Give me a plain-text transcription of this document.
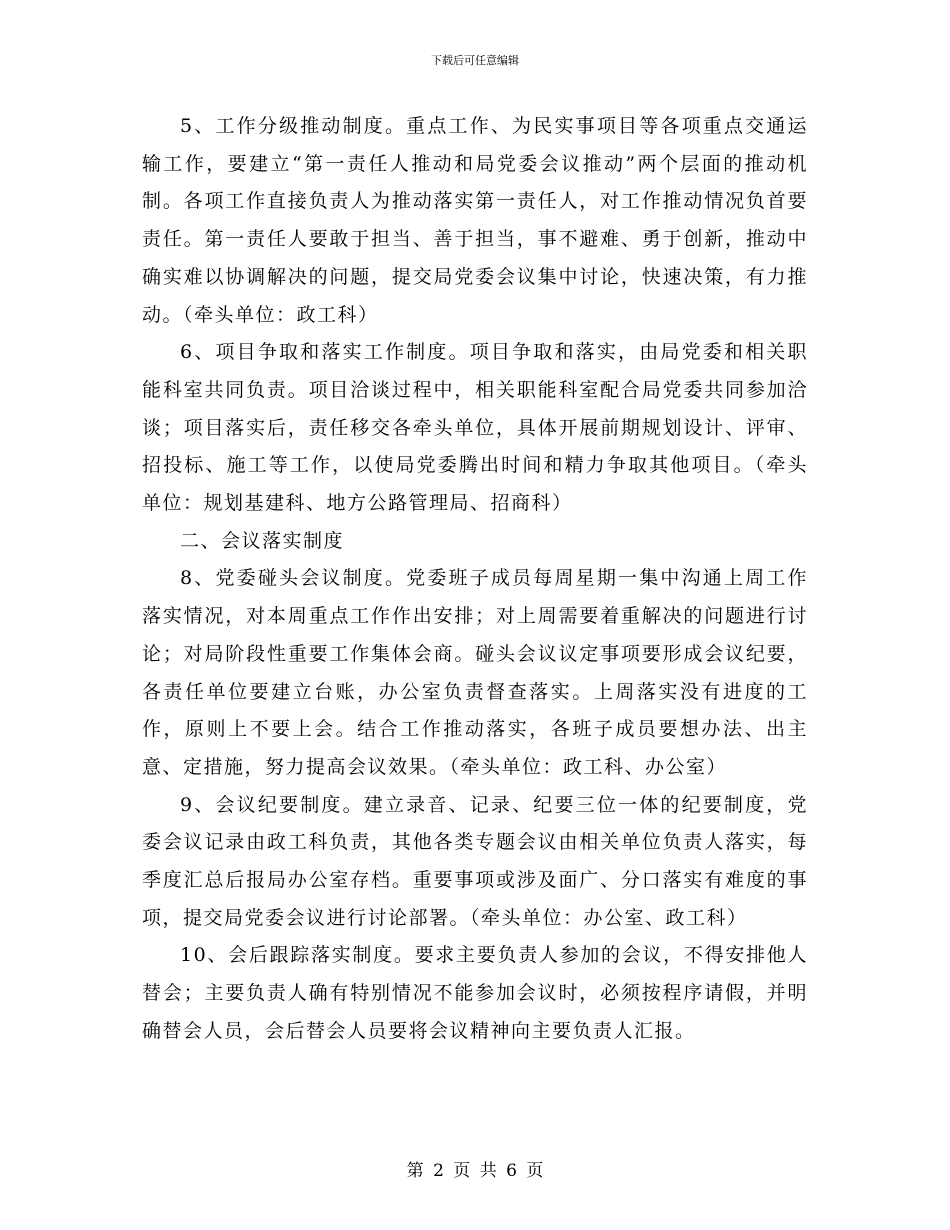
下载后可任意编辑

5、工作分级推动制度。重点工作、为民实事项目等各项重点交通运输工作，要建立“第一责任人推动和局党委会议推动”两个层面的推动机制。各项工作直接负责人为推动落实第一责任人，对工作推动情况负首要责任。第一责任人要敢于担当、善于担当，事不避难、勇于创新，推动中确实难以协调解决的问题，提交局党委会议集中讨论，快速决策，有力推动。（牵头单位：政工科）

6、项目争取和落实工作制度。项目争取和落实，由局党委和相关职能科室共同负责。项目洽谈过程中，相关职能科室配合局党委共同参加洽谈；项目落实后，责任移交各牵头单位，具体开展前期规划设计、评审、招投标、施工等工作，以使局党委腾出时间和精力争取其他项目。（牵头单位：规划基建科、地方公路管理局、招商科）

二、会议落实制度

8、党委碰头会议制度。党委班子成员每周星期一集中沟通上周工作落实情况，对本周重点工作作出安排；对上周需要着重解决的问题进行讨论；对局阶段性重要工作集体会商。碰头会议议定事项要形成会议纪要，各责任单位要建立台账，办公室负责督查落实。上周落实没有进度的工作，原则上不要上会。结合工作推动落实，各班子成员要想办法、出主意、定措施，努力提高会议效果。（牵头单位：政工科、办公室）

9、会议纪要制度。建立录音、记录、纪要三位一体的纪要制度，党委会议记录由政工科负责，其他各类专题会议由相关单位负责人落实，每季度汇总后报局办公室存档。重要事项或涉及面广、分口落实有难度的事项，提交局党委会议进行讨论部署。（牵头单位：办公室、政工科）

10、会后跟踪落实制度。要求主要负责人参加的会议，不得安排他人替会；主要负责人确有特别情况不能参加会议时，必须按程序请假，并明确替会人员，会后替会人员要将会议精神向主要负责人汇报。

第 2 页 共 6 页
